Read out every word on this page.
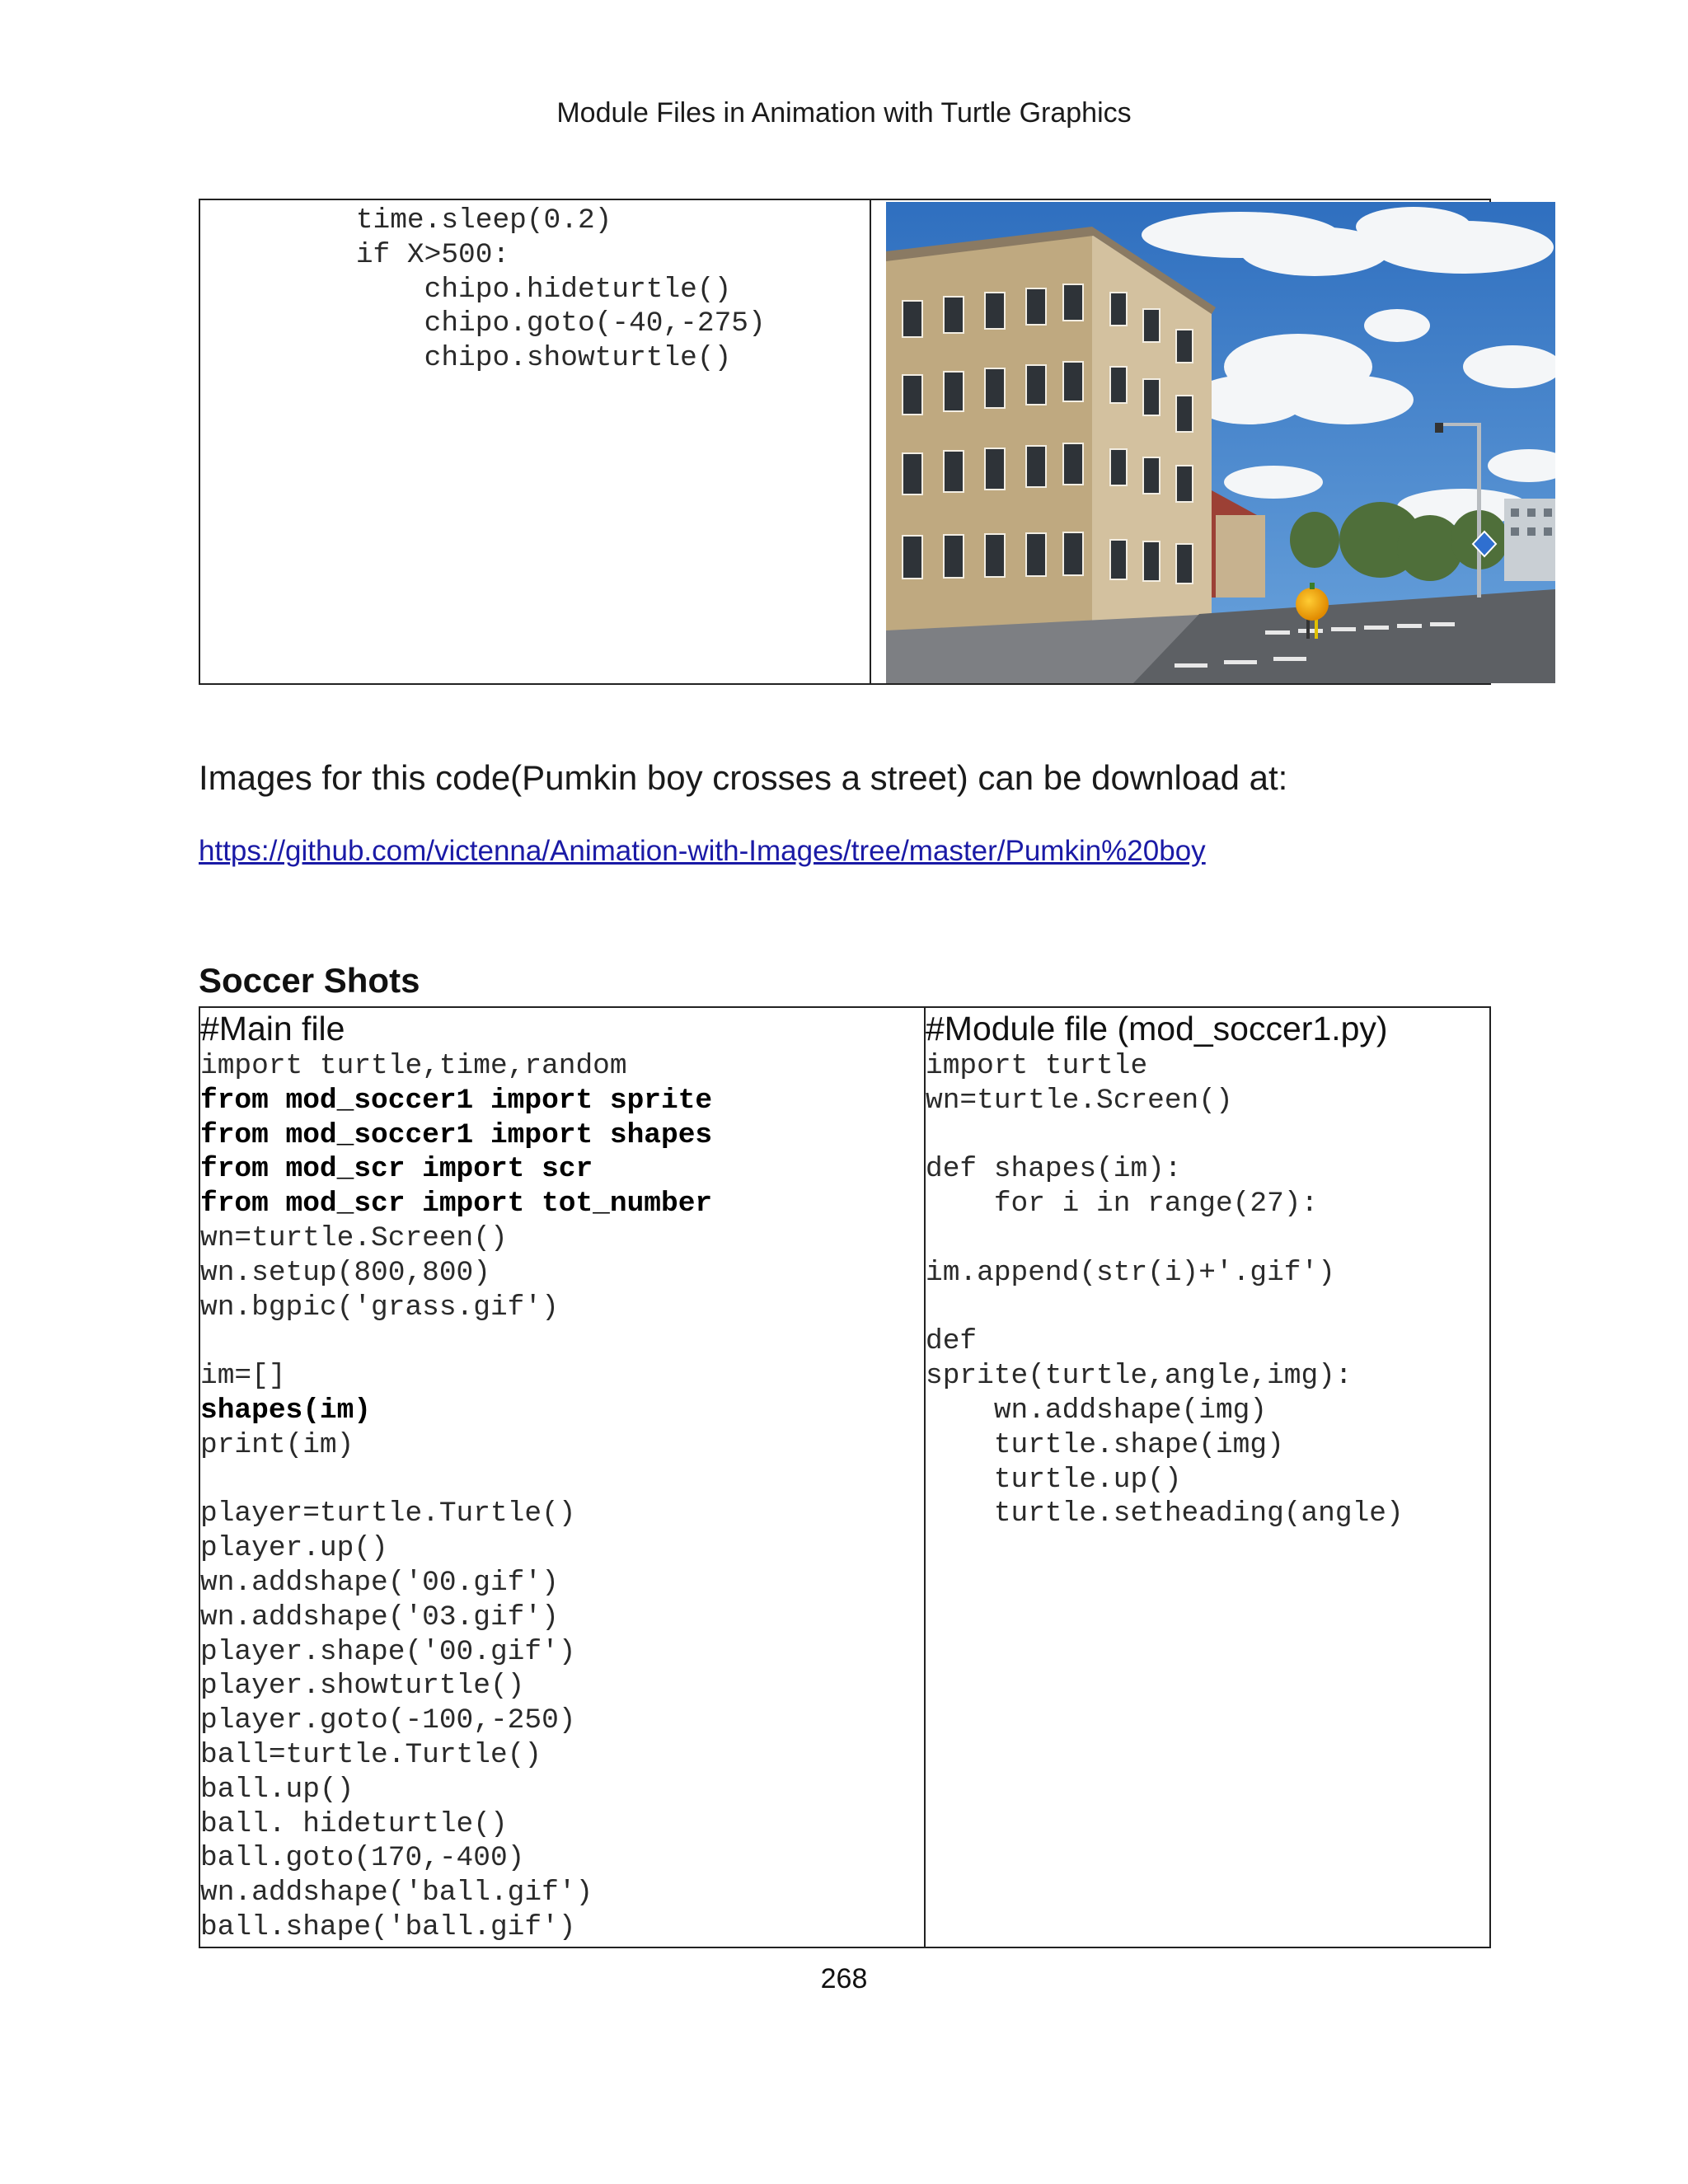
Module Files in Animation with Turtle Graphics
time.sleep(0.2)
if X>500:
chipo.hideturtle()
chipo.goto(-40,-275)
chipo.showturtle()

Images for this code(Pumkin boy crosses a street) can be download at:
https://github.com/victenna/Animation-with-Images/tree/master/Pumkin%20boy
Soccer Shots
#Main file
import turtle,time,random
from mod_soccer1 import sprite
from mod_soccer1 import shapes
from mod_scr import scr
from mod_scr import tot_number
wn=turtle.Screen()
wn.setup(800,800)
wn.bgpic('grass.gif')

im=[]
shapes(im)
print(im)

player=turtle.Turtle()
player.up()
wn.addshape('00.gif')
wn.addshape('03.gif')
player.shape('00.gif')
player.showturtle()
player.goto(-100,-250)
ball=turtle.Turtle()
ball.up()
ball. hideturtle()
ball.goto(170,-400)
wn.addshape('ball.gif')
ball.shape('ball.gif')

#Module file (mod_soccer1.py)
import turtle
wn=turtle.Screen()

def shapes(im):
for i in range(27):

im.append(str(i)+'.gif')

def
sprite(turtle,angle,img):
wn.addshape(img)
turtle.shape(img)
turtle.up()
turtle.setheading(angle)
268
